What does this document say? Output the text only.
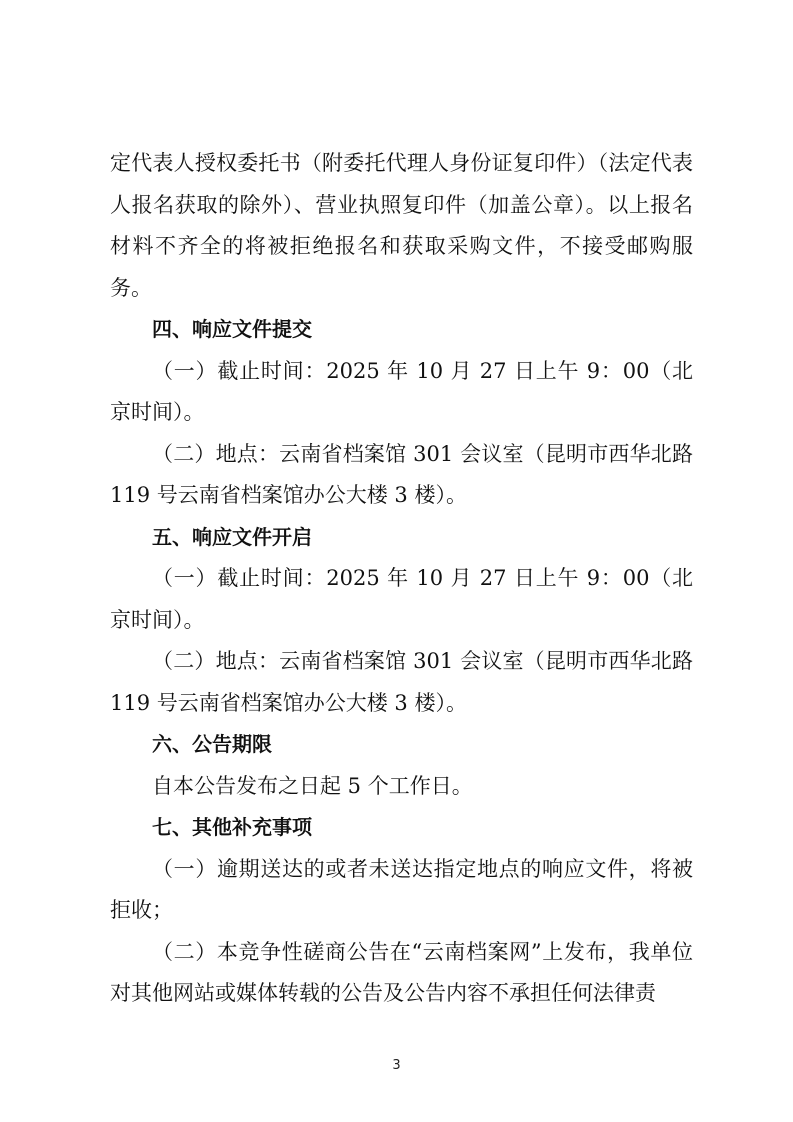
定代表人授权委托书（附委托代理人身份证复印件）（法定代表人报名获取的除外）、营业执照复印件（加盖公章）。以上报名材料不齐全的将被拒绝报名和获取采购文件，不接受邮购服务。

四、响应文件提交

（一）截止时间：2025 年 10 月 27 日上午 9：00（北京时间）。

（二）地点：云南省档案馆 301 会议室（昆明市西华北路 119 号云南省档案馆办公大楼 3 楼）。

五、响应文件开启

（一）截止时间：2025 年 10 月 27 日上午 9：00（北京时间）。

（二）地点：云南省档案馆 301 会议室（昆明市西华北路 119 号云南省档案馆办公大楼 3 楼）。

六、公告期限

自本公告发布之日起 5 个工作日。

七、其他补充事项

（一）逾期送达的或者未送达指定地点的响应文件，将被拒收；

（二）本竞争性磋商公告在“云南档案网”上发布，我单位对其他网站或媒体转载的公告及公告内容不承担任何法律责

3
